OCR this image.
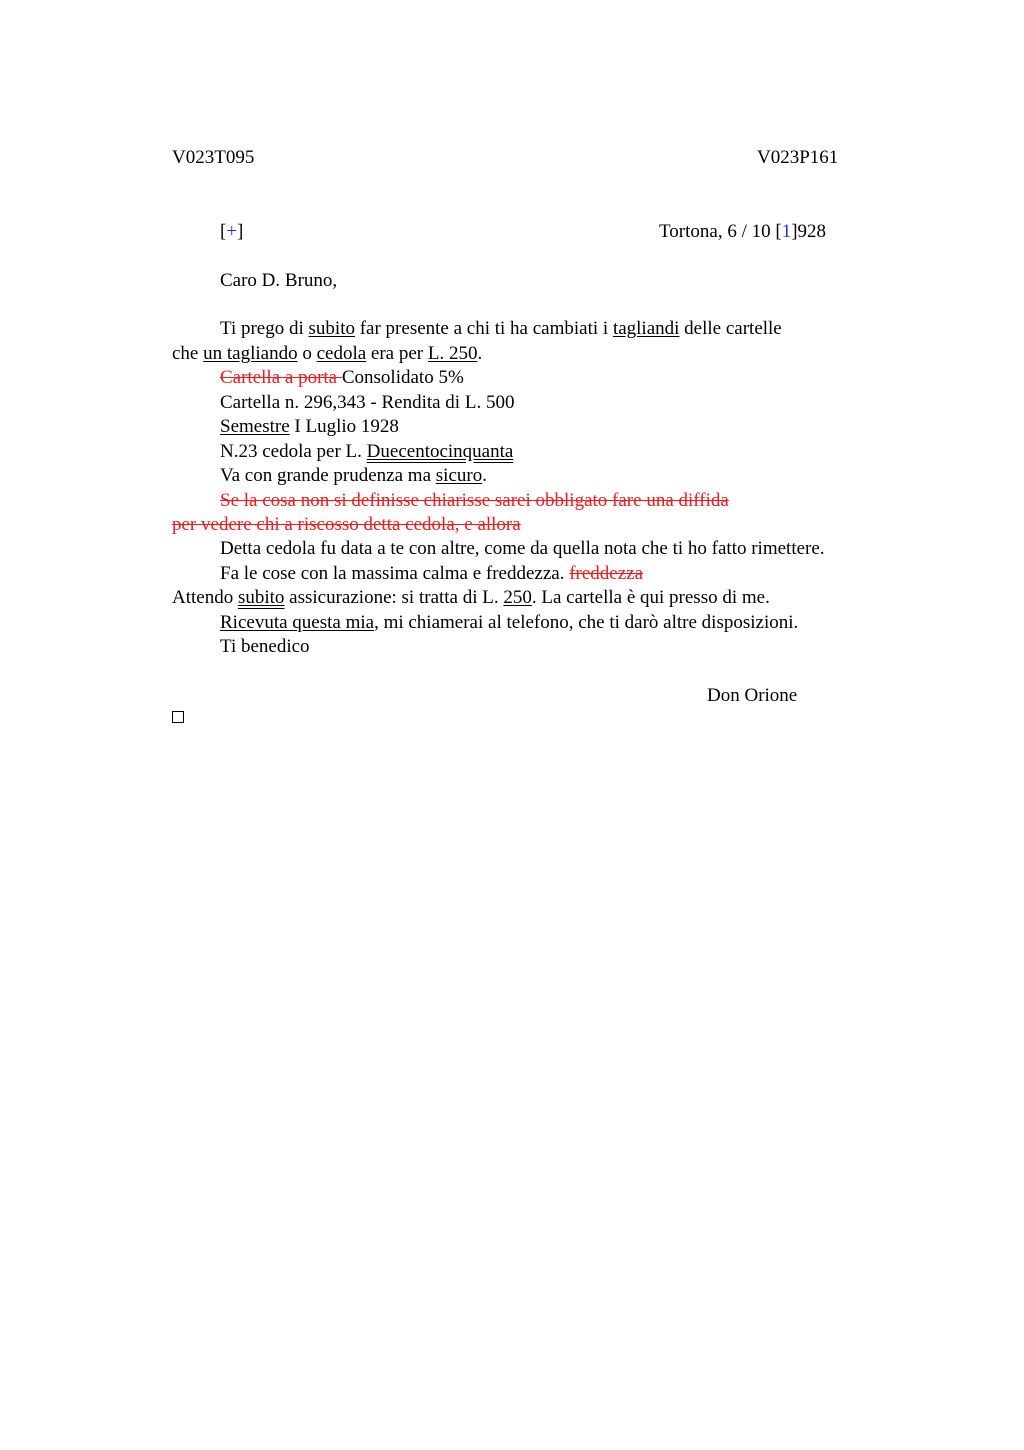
V023T095	V023P161
[+]	Tortona, 6 / 10 [1]928
Caro D. Bruno,
Ti prego di subito far presente a chi ti ha cambiati i tagliandi delle cartelle
che un tagliando o cedola era per L. 250.
Cartella a porta Consolidato 5%
Cartella n. 296,343 - Rendita di L. 500
Semestre I Luglio 1928
N.23 cedola per L. Duecentocinquanta
Va con grande prudenza ma sicuro.
Se la cosa non si definisse chiarisse sarei obbligato fare una diffida
per vedere chi a riscosso detta cedola, e allora
Detta cedola fu data a te con altre, come da quella nota che ti ho fatto rimettere.
Fa le cose con la massima calma e freddezza. freddezza
Attendo subito assicurazione: si tratta di L. 250. La cartella è qui presso di me.
Ricevuta questa mia, mi chiamerai al telefono, che ti darò altre disposizioni.
Ti benedico
Don Orione
